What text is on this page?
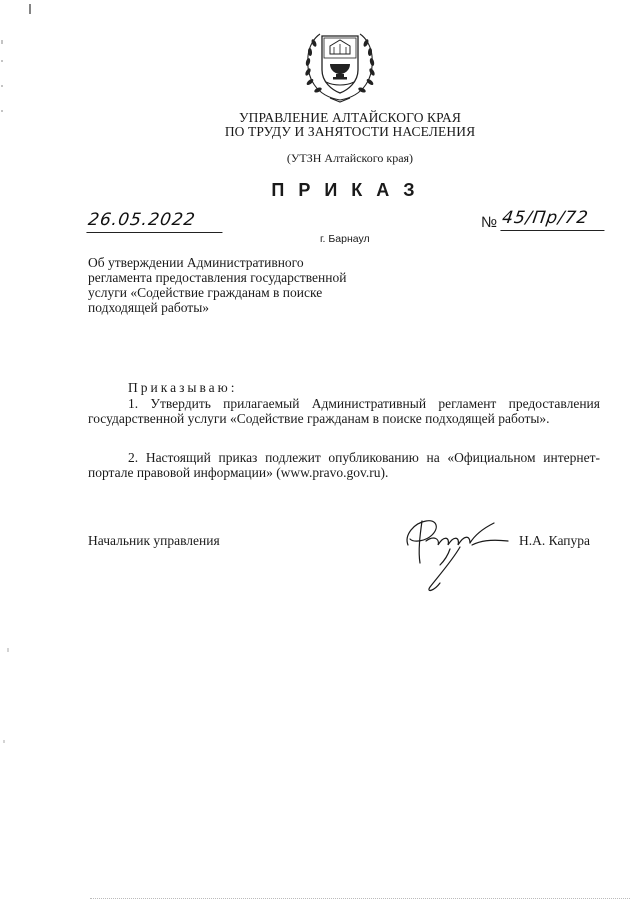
УПРАВЛЕНИЕ АЛТАЙСКОГО КРАЯ
ПО ТРУДУ И ЗАНЯТОСТИ НАСЕЛЕНИЯ
(УТЗН Алтайского края)
ПРИКАЗ
26.05.2022	№ 45/Пр/72
г. Барнаул
Об утверждении Административного регламента предоставления государственной услуги «Содействие гражданам в поиске подходящей работы»
Приказываю:
1. Утвердить прилагаемый Административный регламент предоставления государственной услуги «Содействие гражданам в поиске подходящей работы».
2. Настоящий приказ подлежит опубликованию на «Официальном интернет-портале правовой информации» (www.pravo.gov.ru).
Начальник управления	Н.А. Капура
